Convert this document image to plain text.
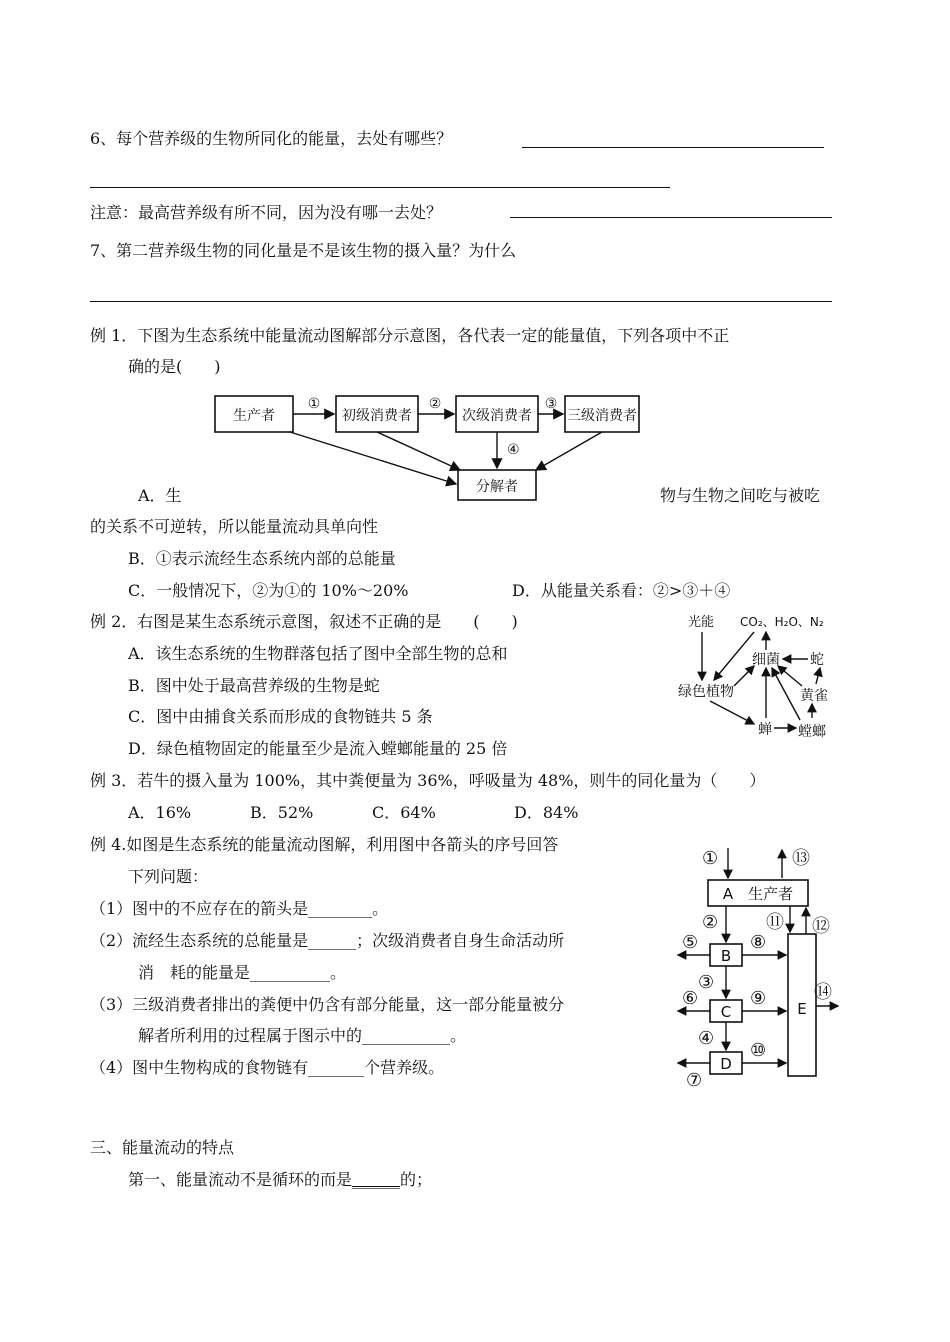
6、每个营养级的生物所同化的能量，去处有哪些？
注意：最高营养级有所不同，因为没有哪一去处？
7、第二营养级生物的同化量是不是该生物的摄入量？为什么
例 1．下图为生态系统中能量流动图解部分示意图，各代表一定的能量值，下列各项中不正
确的是(　　)
生产者	初级消费者	次级消费者	三级消费者
分解者
①	②	③
④
A．生	物与生物之间吃与被吃
的关系不可逆转，所以能量流动具单向性
B．①表示流经生态系统内部的总能量
C．一般情况下，②为①的 10%～20%	D．从能量关系看：②>③＋④
例 2．右图是某生态系统示意图，叙述不正确的是　　(　　)
A．该生态系统的生物群落包括了图中全部生物的总和
B．图中处于最高营养级的生物是蛇
C．图中由捕食关系而形成的食物链共 5 条
D．绿色植物固定的能量至少是流入螳螂能量的 25 倍
光能 CO₂、H₂O、N₂
细菌 蛇
绿色植物	黄雀
蝉 螳螂
例 3．若牛的摄入量为 100%，其中粪便量为 36%，呼吸量为 48%，则牛的同化量为（　　）
A．16%	B．52%	C．64%	D．84%
例 4.如图是生态系统的能量流动图解，利用图中各箭头的序号回答
下列问题：
（1）图中的不应存在的箭头是________。
（2）流经生态系统的总能量是______；次级消费者自身生命活动所
消　耗的能量是__________。
（3）三级消费者排出的粪便中仍含有部分能量，这一部分能量被分
解者所利用的过程属于图示中的___________。
（4）图中生物构成的食物链有_______个营养级。
①	⑬
A　生产者
E
⑪ ⑫
②
B
⑤	⑧
③
C
⑥	⑨
④
D
⑦
⑩
⑭
三、能量流动的特点
第一、能量流动不是循环的而是______的；
